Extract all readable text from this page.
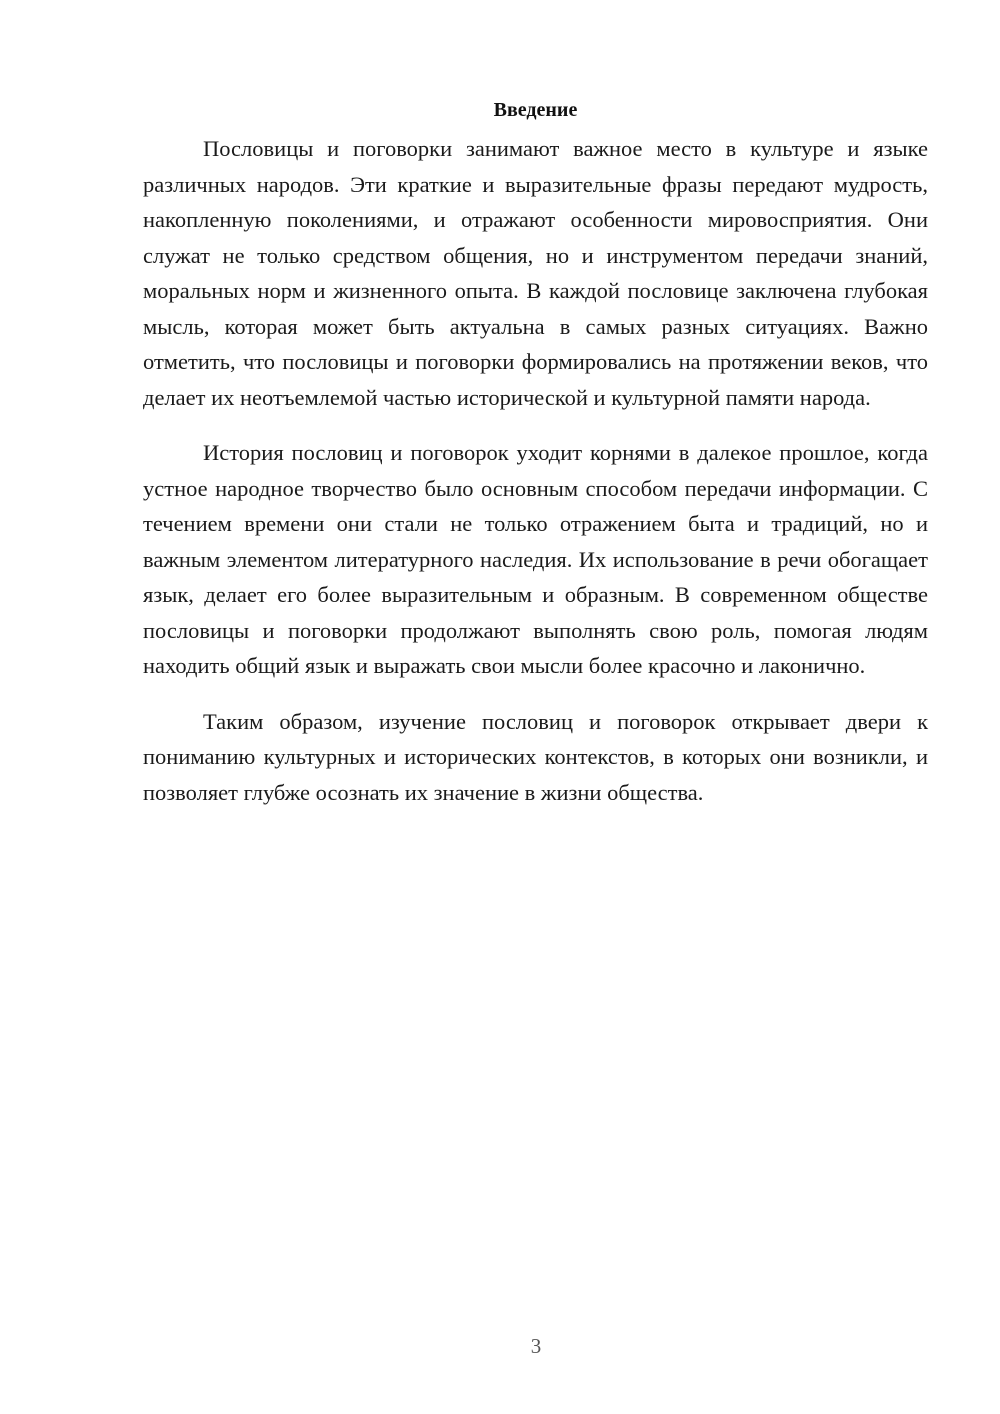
Введение

Пословицы и поговорки занимают важное место в культуре и языке различных народов. Эти краткие и выразительные фразы передают мудрость, накопленную поколениями, и отражают особенности мировосприятия. Они служат не только средством общения, но и инструментом передачи знаний, моральных норм и жизненного опыта. В каждой пословице заключена глубокая мысль, которая может быть актуальна в самых разных ситуациях. Важно отметить, что пословицы и поговорки формировались на протяжении веков, что делает их неотъемлемой частью исторической и культурной памяти народа.

История пословиц и поговорок уходит корнями в далекое прошлое, когда устное народное творчество было основным способом передачи информации. С течением времени они стали не только отражением быта и традиций, но и важным элементом литературного наследия. Их использование в речи обогащает язык, делает его более выразительным и образным. В современном обществе пословицы и поговорки продолжают выполнять свою роль, помогая людям находить общий язык и выражать свои мысли более красочно и лаконично.

Таким образом, изучение пословиц и поговорок открывает двери к пониманию культурных и исторических контекстов, в которых они возникли, и позволяет глубже осознать их значение в жизни общества.

3
